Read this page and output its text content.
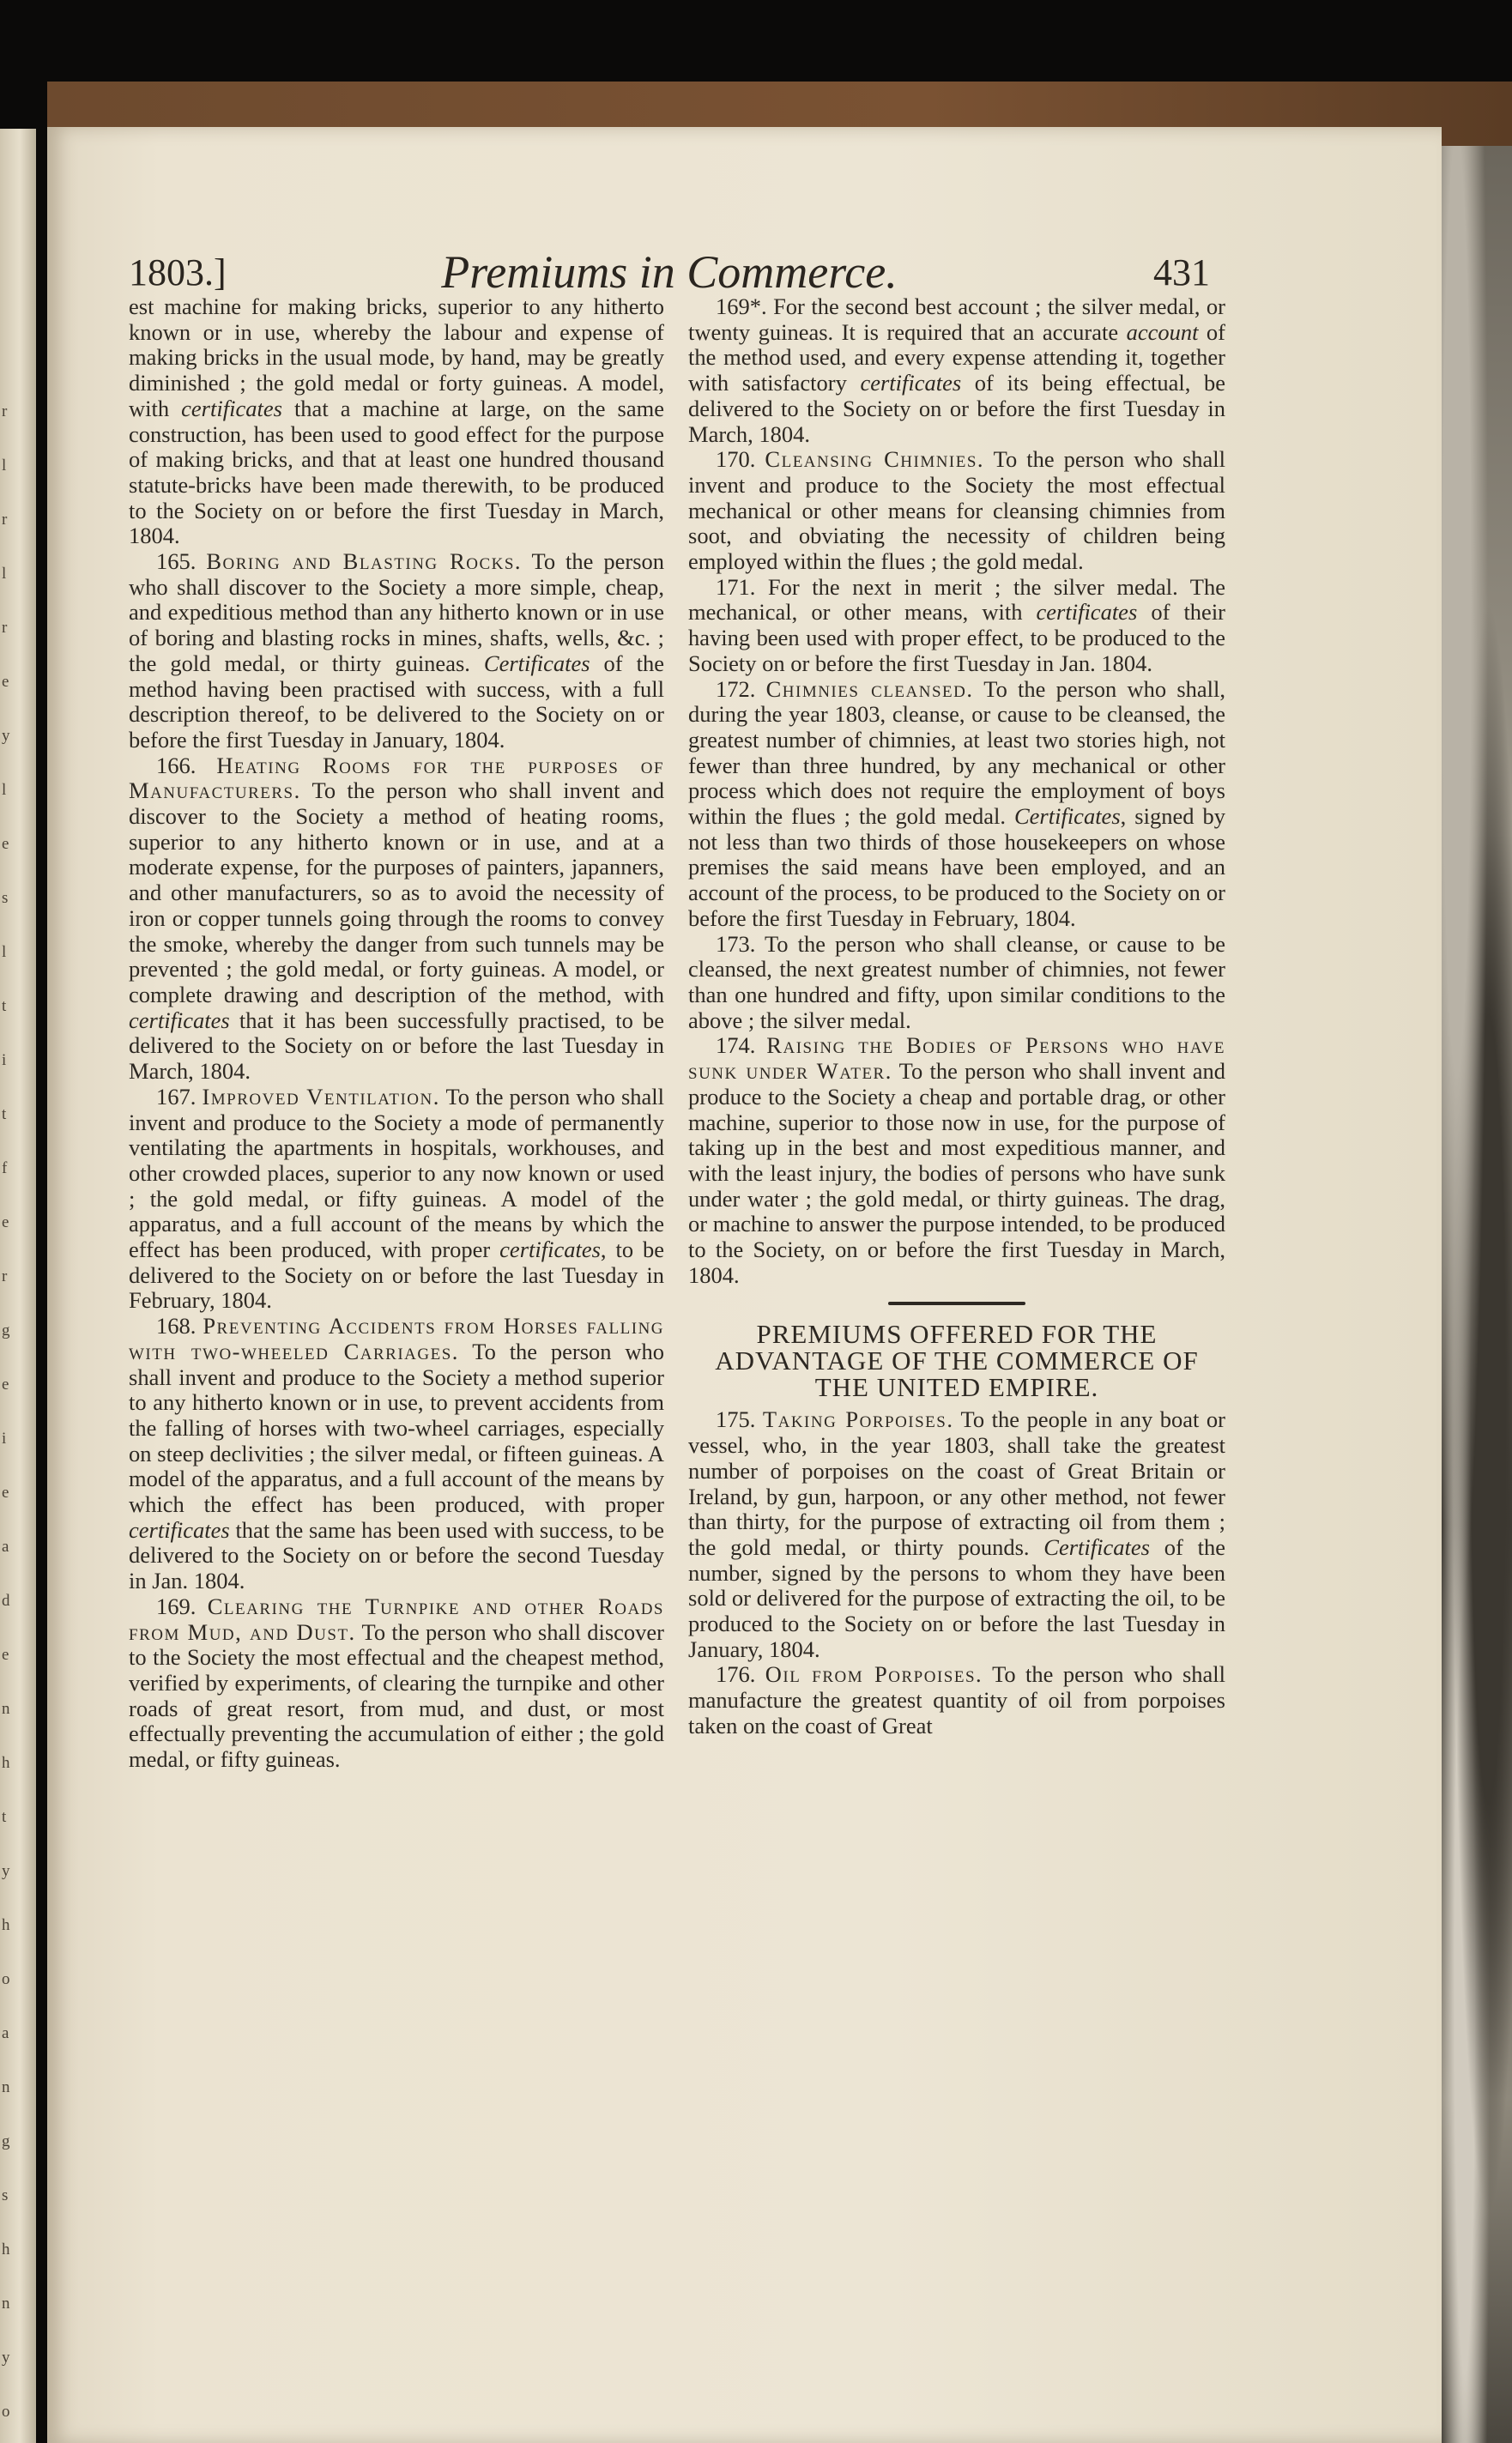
r
l
r
l
r
e
y
l
e
s
l
t
i
t
f
e
r
g
e
i
e
a
d
e
n
h
t
y
h
o
a
n
g
s
h
n
y
o
1803.]	Premiums in Commerce.	431

est machine for making bricks, superior to any hitherto known or in use, whereby the labour and expense of making bricks in the usual mode, by hand, may be greatly diminished ; the gold medal or forty guineas. A model, with certificates that a machine at large, on the same construction, has been used to good effect for the purpose of making bricks, and that at least one hundred thousand statute-bricks have been made therewith, to be produced to the Society on or before the first Tuesday in March, 1804.

165. Boring and Blasting Rocks. To the person who shall discover to the Society a more simple, cheap, and expeditious method than any hitherto known or in use of boring and blasting rocks in mines, shafts, wells, &c. ; the gold medal, or thirty guineas. Certificates of the method having been practised with success, with a full description thereof, to be delivered to the Society on or before the first Tuesday in January, 1804.

166. Heating Rooms for the purposes of Manufacturers. To the person who shall invent and discover to the Society a method of heating rooms, superior to any hitherto known or in use, and at a moderate expense, for the purposes of painters, japanners, and other manufacturers, so as to avoid the necessity of iron or copper tunnels going through the rooms to convey the smoke, whereby the danger from such tunnels may be prevented ; the gold medal, or forty guineas. A model, or complete drawing and description of the method, with certificates that it has been successfully practised, to be delivered to the Society on or before the last Tuesday in March, 1804.

167. Improved Ventilation. To the person who shall invent and produce to the Society a mode of permanently ventilating the apartments in hospitals, workhouses, and other crowded places, superior to any now known or used ; the gold medal, or fifty guineas. A model of the apparatus, and a full account of the means by which the effect has been produced, with proper certificates, to be delivered to the Society on or before the last Tuesday in February, 1804.

168. Preventing Accidents from Horses falling with two-wheeled Carriages. To the person who shall invent and produce to the Society a method superior to any hitherto known or in use, to prevent accidents from the falling of horses with two-wheel carriages, especially on steep declivities ; the silver medal, or fifteen guineas. A model of the apparatus, and a full account of the means by which the effect has been produced, with proper certificates that the same has been used with success, to be delivered to the Society on or before the second Tuesday in Jan. 1804.

169. Clearing the Turnpike and other Roads from Mud, and Dust. To the person who shall discover to the Society the most effectual and the cheapest method, verified by experiments, of clearing the turnpike and other roads of great resort, from mud, and dust, or most effectually preventing the accumulation of either ; the gold medal, or fifty guineas.

169*. For the second best account ; the silver medal, or twenty guineas. It is required that an accurate account of the method used, and every expense attending it, together with satisfactory certificates of its being effectual, be delivered to the Society on or before the first Tuesday in March, 1804.

170. Cleansing Chimnies. To the person who shall invent and produce to the Society the most effectual mechanical or other means for cleansing chimnies from soot, and obviating the necessity of children being employed within the flues ; the gold medal.

171. For the next in merit ; the silver medal. The mechanical, or other means, with certificates of their having been used with proper effect, to be produced to the Society on or before the first Tuesday in Jan. 1804.

172. Chimnies cleansed. To the person who shall, during the year 1803, cleanse, or cause to be cleansed, the greatest number of chimnies, at least two stories high, not fewer than three hundred, by any mechanical or other process which does not require the employment of boys within the flues ; the gold medal. Certificates, signed by not less than two thirds of those housekeepers on whose premises the said means have been employed, and an account of the process, to be produced to the Society on or before the first Tuesday in February, 1804.

173. To the person who shall cleanse, or cause to be cleansed, the next greatest number of chimnies, not fewer than one hundred and fifty, upon similar conditions to the above ; the silver medal.

174. Raising the Bodies of Persons who have sunk under Water. To the person who shall invent and produce to the Society a cheap and portable drag, or other machine, superior to those now in use, for the purpose of taking up in the best and most expeditious manner, and with the least injury, the bodies of persons who have sunk under water ; the gold medal, or thirty guineas. The drag, or machine to answer the purpose intended, to be produced to the Society, on or before the first Tuesday in March, 1804.

PREMIUMS OFFERED FOR THE ADVANTAGE OF THE COMMERCE OF THE UNITED EMPIRE.

175. Taking Porpoises. To the people in any boat or vessel, who, in the year 1803, shall take the greatest number of porpoises on the coast of Great Britain or Ireland, by gun, harpoon, or any other method, not fewer than thirty, for the purpose of extracting oil from them ; the gold medal, or thirty pounds. Certificates of the number, signed by the persons to whom they have been sold or delivered for the purpose of extracting the oil, to be produced to the Society on or before the last Tuesday in January, 1804.

176. Oil from Porpoises. To the person who shall manufacture the greatest quantity of oil from porpoises taken on the coast of Great
